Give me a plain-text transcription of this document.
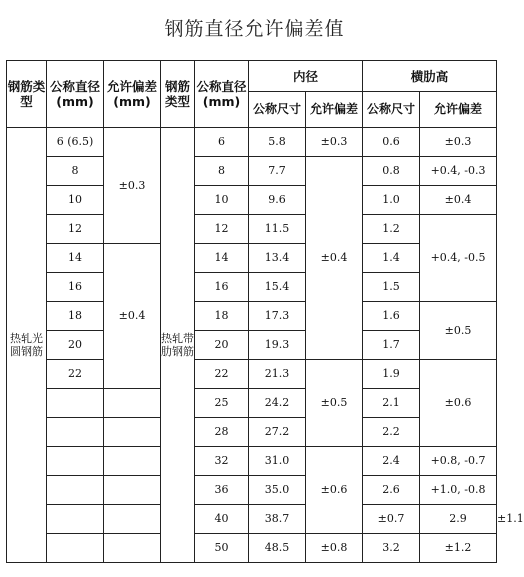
钢筋直径允许偏差值
钢筋类型	公称直径(mm)	允许偏差(mm)	钢筋类型	公称直径(mm)	内径		横肋高		
					公称尺寸	允许偏差	公称尺寸	允许偏差	
热轧光圆钢筋	6 (6.5)	±0.3	热轧带肋钢筋	6	5.8	±0.3	0.6	±0.3	
	8			8	7.7	±0.4	0.8	+0.4, -0.3	
	10			10	9.6		1.0	±0.4	
	12			12	11.5		1.2	+0.4, -0.5	
	14	±0.4		14	13.4		1.4		
	16			16	15.4		1.5		
	18			18	17.3		1.6	±0.5	
	20			20	19.3		1.7		
	22			22	21.3	±0.5	1.9	±0.6	
				25	24.2		2.1		
				28	27.2		2.2		
				32	31.0	±0.6	2.4	+0.8, -0.7	
				36	35.0		2.6	+1.0, -0.8	
				40	38.7		±0.7	2.9	±1.1
				50	48.5	±0.8	3.2	±1.2	
